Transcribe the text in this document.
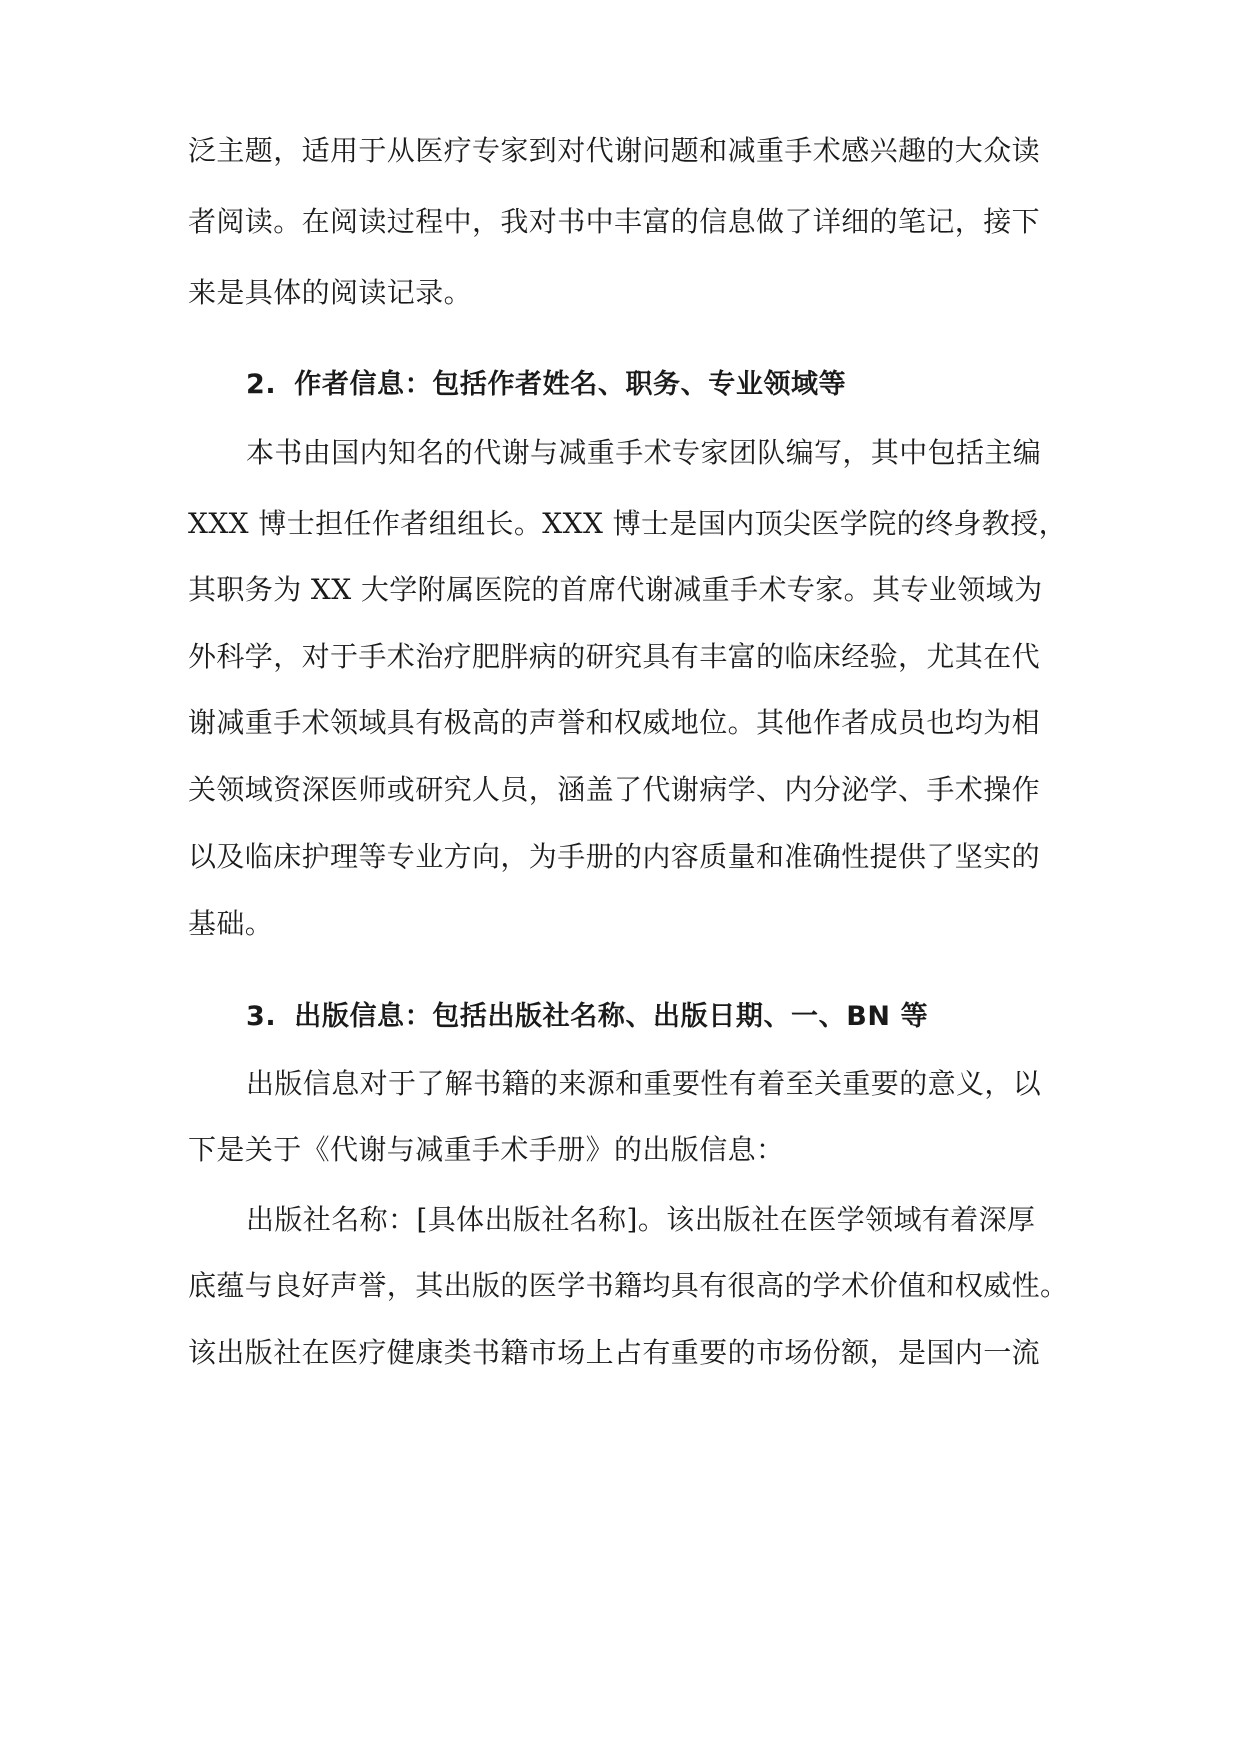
泛主题，适用于从医疗专家到对代谢问题和减重手术感兴趣的大众读
者阅读。在阅读过程中，我对书中丰富的信息做了详细的笔记，接下
来是具体的阅读记录。
2. 作者信息：包括作者姓名、职务、专业领域等
本书由国内知名的代谢与减重手术专家团队编写，其中包括主编
XXX 博士担任作者组组长。XXX 博士是国内顶尖医学院的终身教授，
其职务为 XX 大学附属医院的首席代谢减重手术专家。其专业领域为
外科学，对于手术治疗肥胖病的研究具有丰富的临床经验，尤其在代
谢减重手术领域具有极高的声誉和权威地位。其他作者成员也均为相
关领域资深医师或研究人员，涵盖了代谢病学、内分泌学、手术操作
以及临床护理等专业方向，为手册的内容质量和准确性提供了坚实的
基础。
3. 出版信息：包括出版社名称、出版日期、一、BN 等
出版信息对于了解书籍的来源和重要性有着至关重要的意义，以
下是关于《代谢与减重手术手册》的出版信息：
出版社名称：[具体出版社名称]。该出版社在医学领域有着深厚
底蕴与良好声誉，其出版的医学书籍均具有很高的学术价值和权威性。
该出版社在医疗健康类书籍市场上占有重要的市场份额，是国内一流
